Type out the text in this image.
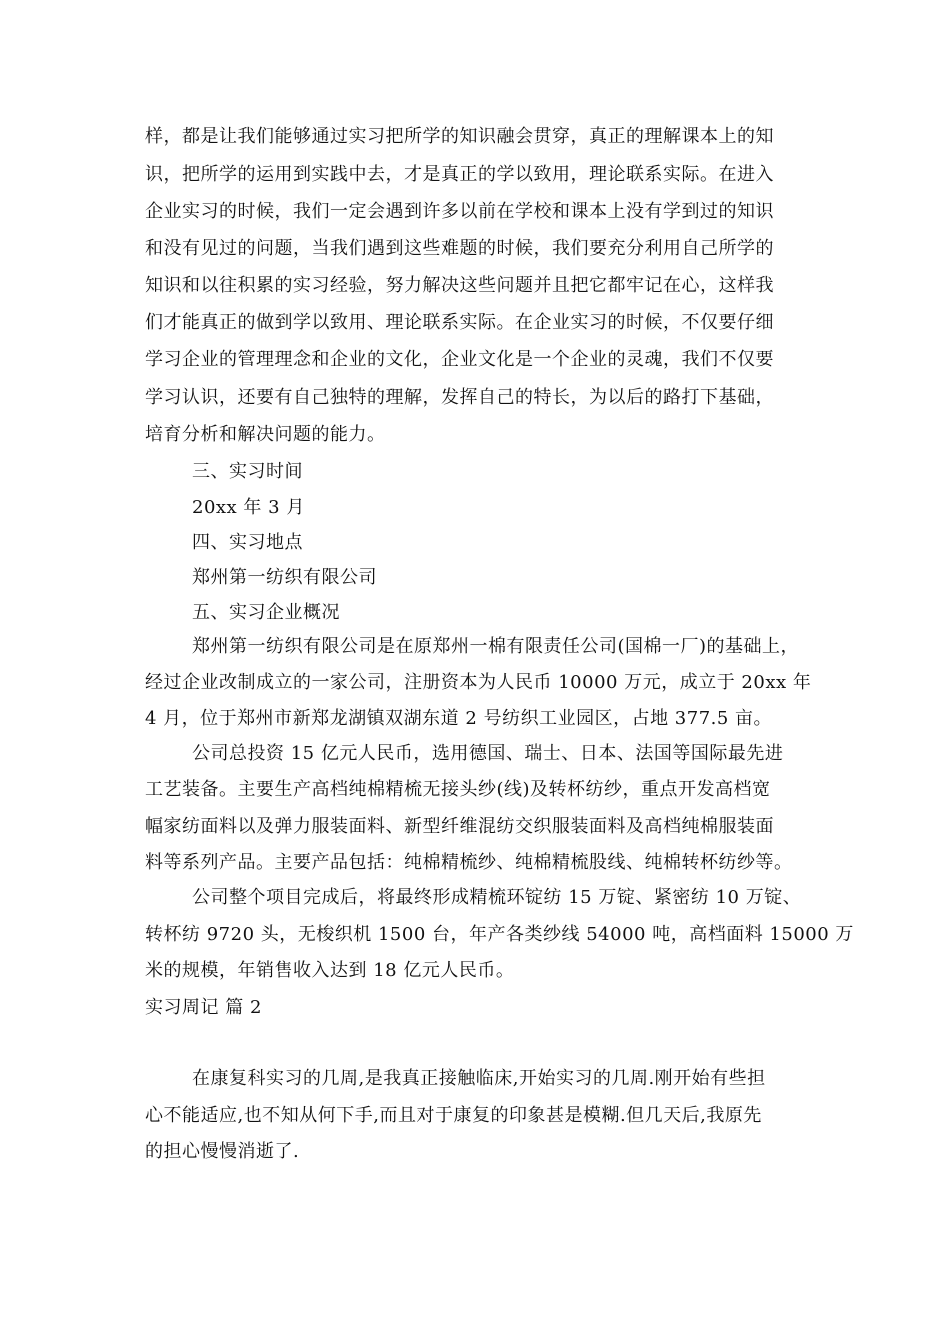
样，都是让我们能够通过实习把所学的知识融会贯穿，真正的理解课本上的知
识，把所学的运用到实践中去，才是真正的学以致用，理论联系实际。在进入
企业实习的时候，我们一定会遇到许多以前在学校和课本上没有学到过的知识
和没有见过的问题，当我们遇到这些难题的时候，我们要充分利用自己所学的
知识和以往积累的实习经验，努力解决这些问题并且把它都牢记在心，这样我
们才能真正的做到学以致用、理论联系实际。在企业实习的时候，不仅要仔细
学习企业的管理理念和企业的文化，企业文化是一个企业的灵魂，我们不仅要
学习认识，还要有自己独特的理解，发挥自己的特长，为以后的路打下基础，
培育分析和解决问题的能力。
三、实习时间
20xx 年 3 月
四、实习地点
郑州第一纺织有限公司
五、实习企业概况
郑州第一纺织有限公司是在原郑州一棉有限责任公司(国棉一厂)的基础上，
经过企业改制成立的一家公司，注册资本为人民币 10000 万元，成立于 20xx 年
4 月，位于郑州市新郑龙湖镇双湖东道 2 号纺织工业园区，占地 377.5 亩。
公司总投资 15 亿元人民币，选用德国、瑞士、日本、法国等国际最先进
工艺装备。主要生产高档纯棉精梳无接头纱(线)及转杯纺纱，重点开发高档宽
幅家纺面料以及弹力服装面料、新型纤维混纺交织服装面料及高档纯棉服装面
料等系列产品。主要产品包括：纯棉精梳纱、纯棉精梳股线、纯棉转杯纺纱等。
公司整个项目完成后，将最终形成精梳环锭纺 15 万锭、紧密纺 10 万锭、
转杯纺 9720 头，无梭织机 1500 台，年产各类纱线 54000 吨，高档面料 15000 万
米的规模，年销售收入达到 18 亿元人民币。
实习周记 篇 2
在康复科实习的几周,是我真正接触临床,开始实习的几周.刚开始有些担
心不能适应,也不知从何下手,而且对于康复的印象甚是模糊.但几天后,我原先
的担心慢慢消逝了.
